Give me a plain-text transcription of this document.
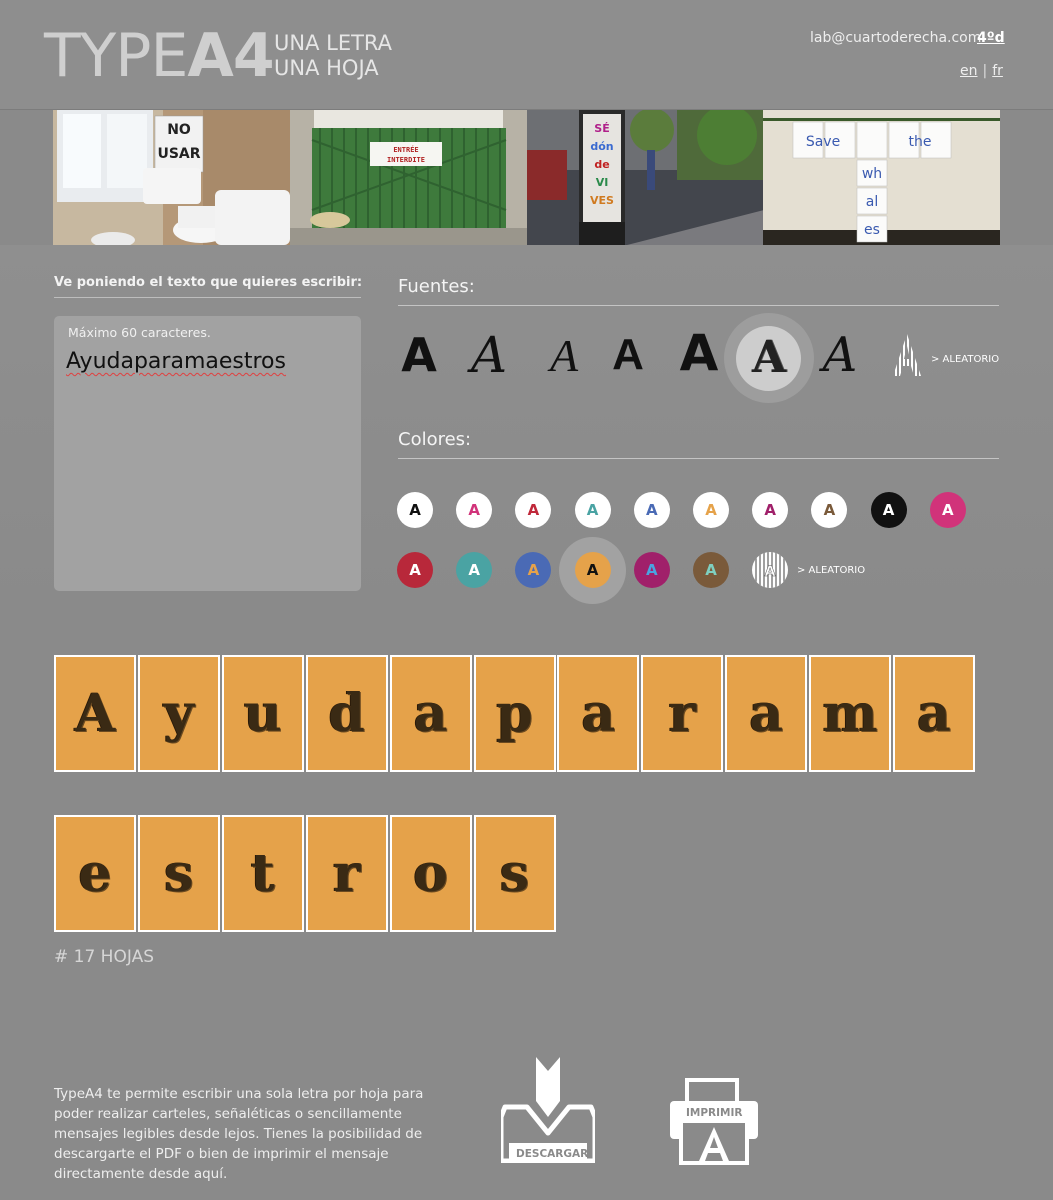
TYPEA4 UNA LETRA
UNA HOJA
lab@cuartoderecha.com
4ºd
en | fr
NO
USAR	ENTRÉE
INTERDITE
SÉ
dón
de
VI
VES
Save	the
wh
al
es
Ve poniendo el texto que quieres escribir:
Máximo 60 caracteres.
Ayudaparamaestros
Fuentes:
A A A A A A A	> ALEATORIO
Colores:
A	A	A	A	A	A	A	A	A	A
A	A	A	A	A	A	A > ALEATORIO
A y u d a p a r a m a
e s t r o s
# 17 HOJAS
TypeA4 te permite escribir una sola letra por hoja para poder realizar carteles, señaléticas o sencillamente mensajes legibles desde lejos. Tienes la posibilidad de descargarte el PDF o bien de imprimir el mensaje directamente desde aquí.
DESCARGAR
IMPRIMIR
